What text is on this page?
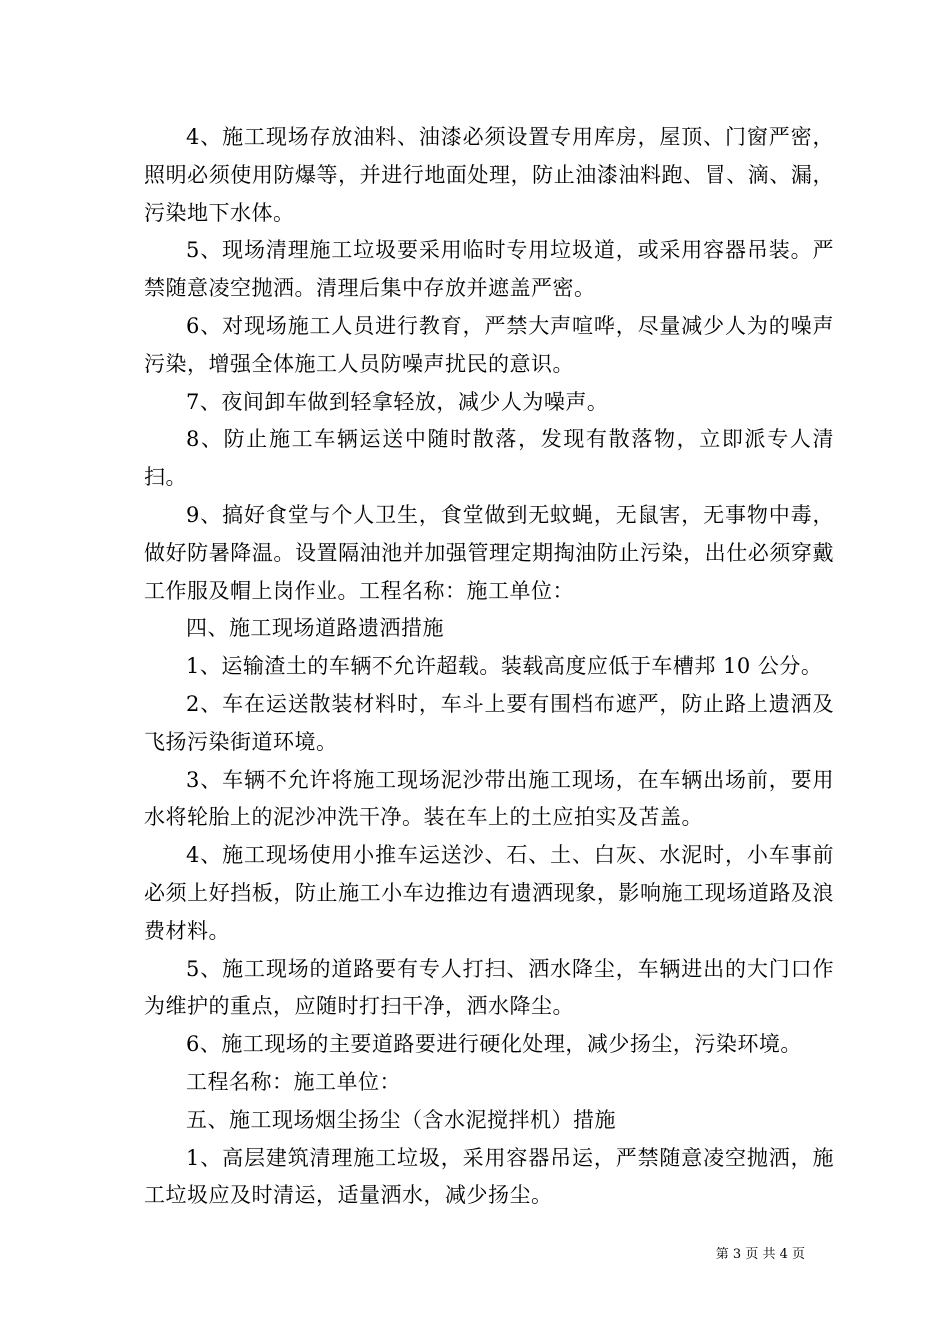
4、施工现场存放油料、油漆必须设置专用库房，屋顶、门窗严密，照明必须使用防爆等，并进行地面处理，防止油漆油料跑、冒、滴、漏，污染地下水体。

5、现场清理施工垃圾要采用临时专用垃圾道，或采用容器吊装。严禁随意凌空抛洒。清理后集中存放并遮盖严密。

6、对现场施工人员进行教育，严禁大声喧哗，尽量减少人为的噪声污染，增强全体施工人员防噪声扰民的意识。

7、夜间卸车做到轻拿轻放，减少人为噪声。

8、防止施工车辆运送中随时散落，发现有散落物，立即派专人清扫。

9、搞好食堂与个人卫生，食堂做到无蚊蝇，无鼠害，无事物中毒，做好防暑降温。设置隔油池并加强管理定期掏油防止污染，出仕必须穿戴工作服及帽上岗作业。工程名称：施工单位：

四、施工现场道路遗洒措施

1、运输渣土的车辆不允许超载。装载高度应低于车槽邦 10 公分。

2、车在运送散装材料时，车斗上要有围档布遮严，防止路上遗洒及飞扬污染街道环境。

3、车辆不允许将施工现场泥沙带出施工现场，在车辆出场前，要用水将轮胎上的泥沙冲洗干净。装在车上的土应拍实及苫盖。

4、施工现场使用小推车运送沙、石、土、白灰、水泥时，小车事前必须上好挡板，防止施工小车边推边有遗洒现象，影响施工现场道路及浪费材料。

5、施工现场的道路要有专人打扫、洒水降尘，车辆进出的大门口作为维护的重点，应随时打扫干净，洒水降尘。

6、施工现场的主要道路要进行硬化处理，减少扬尘，污染环境。

工程名称：施工单位：

五、施工现场烟尘扬尘（含水泥搅拌机）措施

1、高层建筑清理施工垃圾，采用容器吊运，严禁随意凌空抛洒，施工垃圾应及时清运，适量洒水，减少扬尘。

第 3 页 共 4 页
